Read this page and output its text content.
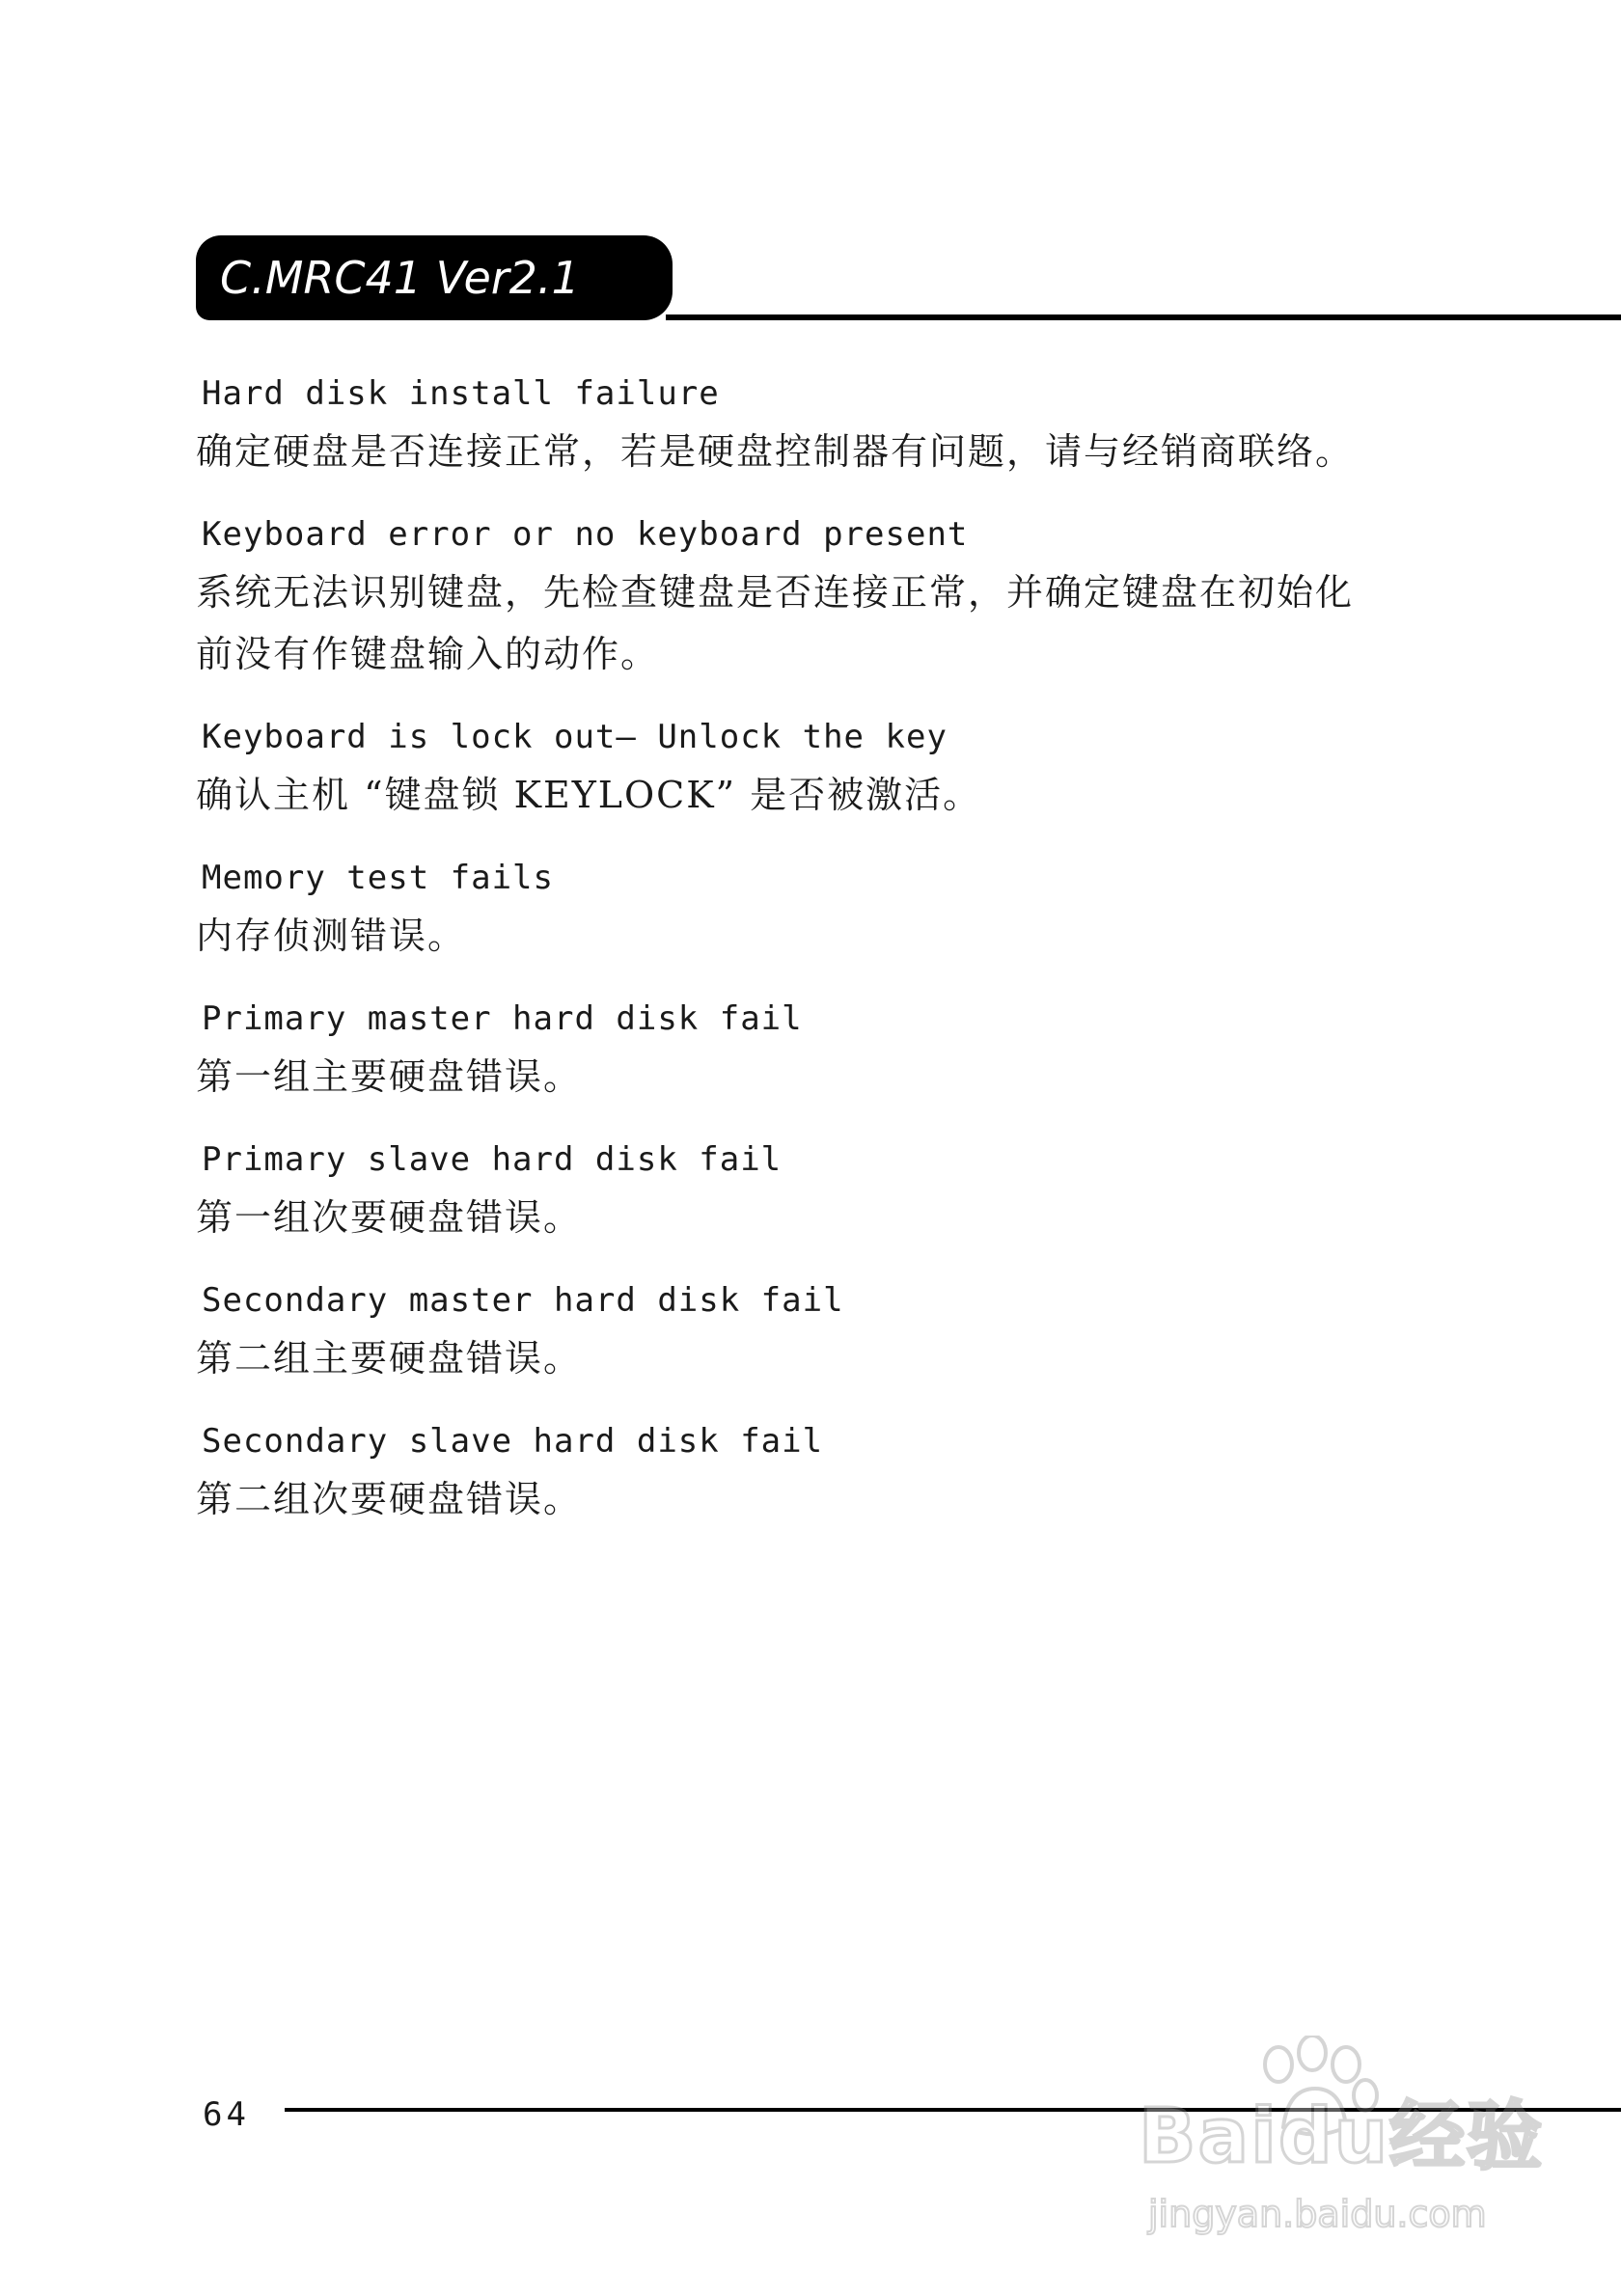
C.MRC41 Ver2.1
Hard disk install failure
确定硬盘是否连接正常，若是硬盘控制器有问题，请与经销商联络。
Keyboard error or no keyboard present
系统无法识别键盘，先检查键盘是否连接正常，并确定键盘在初始化
前没有作键盘输入的动作。
Keyboard is lock out— Unlock the key
确认主机 “键盘锁 KEYLOCK” 是否被激活。
Memory test fails
内存侦测错误。
Primary master hard disk fail
第一组主要硬盘错误。
Primary slave hard disk fail
第一组次要硬盘错误。
Secondary master hard disk fail
第二组主要硬盘错误。
Secondary slave hard disk fail
第二组次要硬盘错误。
64	Baidu经验
jingyan.baidu.com
